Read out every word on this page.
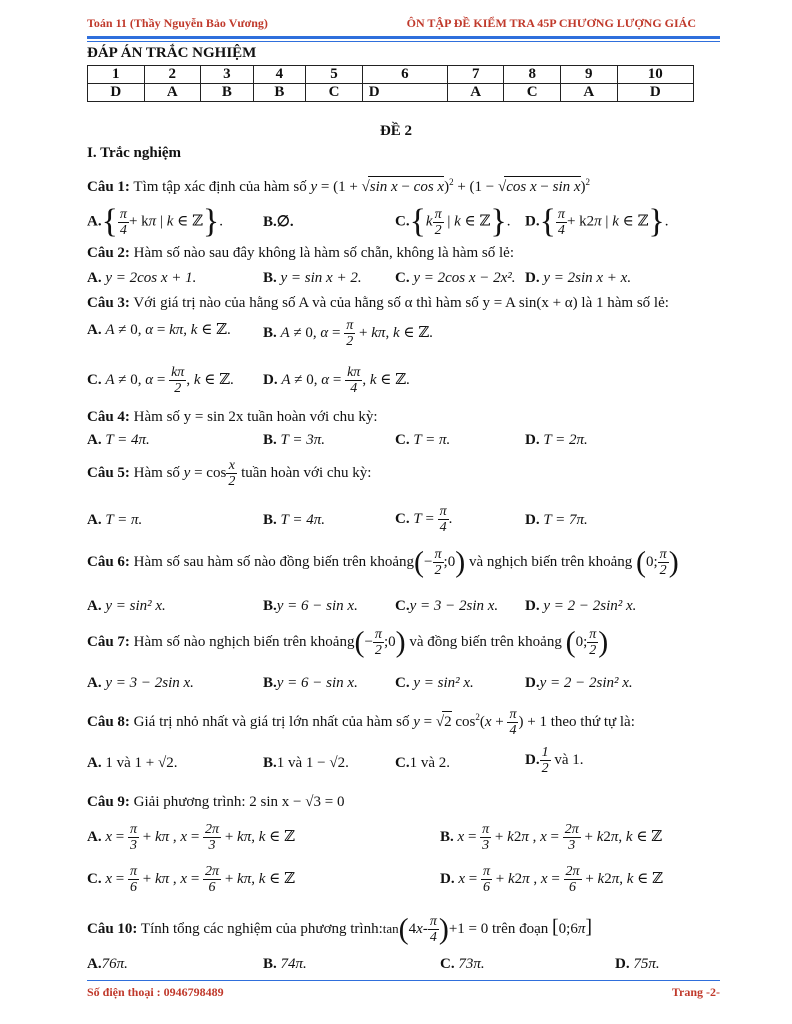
Toán 11 (Thầy Nguyễn Bảo Vương)	ÔN TẬP ĐỀ KIỂM TRA 45P CHƯƠNG LƯỢNG GIÁC
ĐÁP ÁN TRẮC NGHIỆM
1	2	3	4	5	6	7	8	9	10
D	A	B	B	C	D	A	C	A	D
ĐỀ 2
I. Trắc nghiệm
Câu 1: Tìm tập xác định của hàm số y = (1 + √sin x − cos x)$^2$ + (1 − √cos x − sin x)$^2$
$A.\{ \frac{\pi}{4} + k\pi$ | k ∈ ℤ}.	B.∅.	$C.\{k \frac{\pi}{2}$ | k ∈ ℤ}. $D.\{ \frac{\pi}{4} + k2\pi$ | k ∈ ℤ}.
Câu 2: Hàm số nào sau đây không là hàm số chẵn, không là hàm số lẻ:
A. y = 2cos x + 1.	B. y = sin x + 2. C. y = 2cos x − 2x². D. y = 2sin x + x.
Câu 3: Với giá trị nào của hằng số A và của hằng số α thì hàm số y = A sin(x + α) là 1 hàm số lẻ:
A. A ≠ 0, α = kπ, k ∈ ℤ. B. A ≠ 0, $\alpha = \frac{\pi}{2} + k\pi$, k ∈ ℤ.
C. A ≠ 0, $\alpha = \frac{k\pi}{2}$ , k ∈ ℤ. D. A ≠ 0, $\alpha = \frac{k\pi}{4}$ , k ∈ ℤ.
Câu 4: Hàm số y = sin 2x tuần hoàn với chu kỳ:
A. T = 4π.	B. T = 3π.	C. T = π.	D. T = 2π.
Câu 5: Hàm số $y = \cos \frac{x}{2}$ tuần hoàn với chu kỳ:
A. T = π.	B. T = 4π.	C. $T = \frac{\pi}{4}$ .	D. T = 7π.
Câu 6: Hàm số sau hàm số nào đồng biến trên khoảng(− $\frac{\pi}{2}$ ;0) và nghịch biến trên khoảng (0; $\frac{\pi}{2}$ )
A. y = sin² x.	B.y = 6 − sin x. C.y = 3 − 2sin x. D. y = 2 − 2sin² x.
Câu 7: Hàm số nào nghịch biến trên khoảng(− $\frac{\pi}{2}$ ;0) và đồng biến trên khoảng (0; $\frac{\pi}{2}$ )
A. y = 3 − 2sin x.	B.y = 6 − sin x. C. y = sin² x.	D.y = 2 − 2sin² x.
Câu 8: Giá trị nhỏ nhất và giá trị lớn nhất của hàm số y = √2 $\cos^2(x + \frac{\pi}{4}$ ) + 1 theo thứ tự là:
A. 1 và 1 + √2.	B.1 và 1 − √2.	C.1 và 2.	D. $\frac{1}{2}$ và 1.
Câu 9: Giải phương trình: 2 sin x − √3 = 0
A. $x = \frac{\pi}{3} + k\pi$ , $x = \frac{2\pi}{3} + k\pi$, k ∈ ℤ	B. $x = \frac{\pi}{3} + k2\pi$ , $x = \frac{2\pi}{3} + k2\pi$, k ∈ ℤ
C. $x = \frac{\pi}{6} + k\pi$ , $x = \frac{2\pi}{6} + k\pi$, k ∈ ℤ	D. $x = \frac{\pi}{6} + k2\pi$ , $x = \frac{2\pi}{6} + k2\pi$, k ∈ ℤ
Câu 10: Tính tổng các nghiệm của phương trình:tan(4x- $\frac{\pi}{4} )+1 = 0$ trên đoạn [0;6π]
A.76π.	B. 74π.	C. 73π.	D. 75π.
Số điện thoại : 0946798489	Trang -2-
